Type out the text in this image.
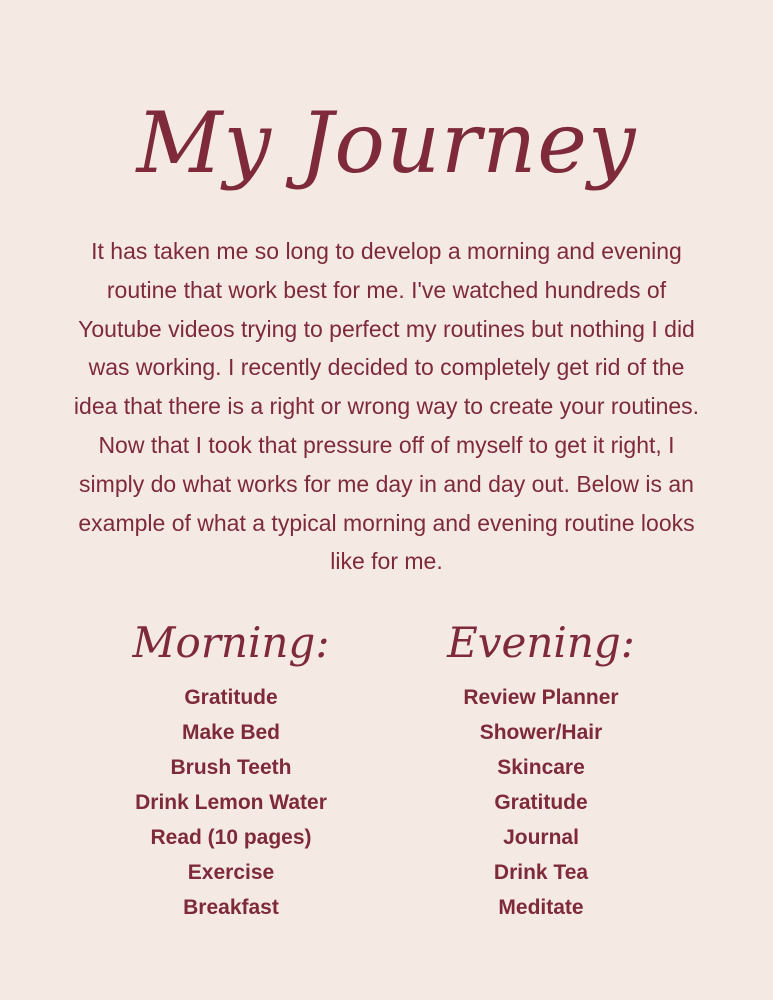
My Journey
It has taken me so long to develop a morning and evening routine that work best for me. I've watched hundreds of Youtube videos trying to perfect my routines but nothing I did was working. I recently decided to completely get rid of the idea that there is a right or wrong way to create your routines. Now that I took that pressure off of myself to get it right, I simply do what works for me day in and day out. Below is an example of what a typical morning and evening routine looks like for me.
Morning:
Gratitude
Make Bed
Brush Teeth
Drink Lemon Water
Read (10 pages)
Exercise
Breakfast
Evening:
Review Planner
Shower/Hair
Skincare
Gratitude
Journal
Drink Tea
Meditate
